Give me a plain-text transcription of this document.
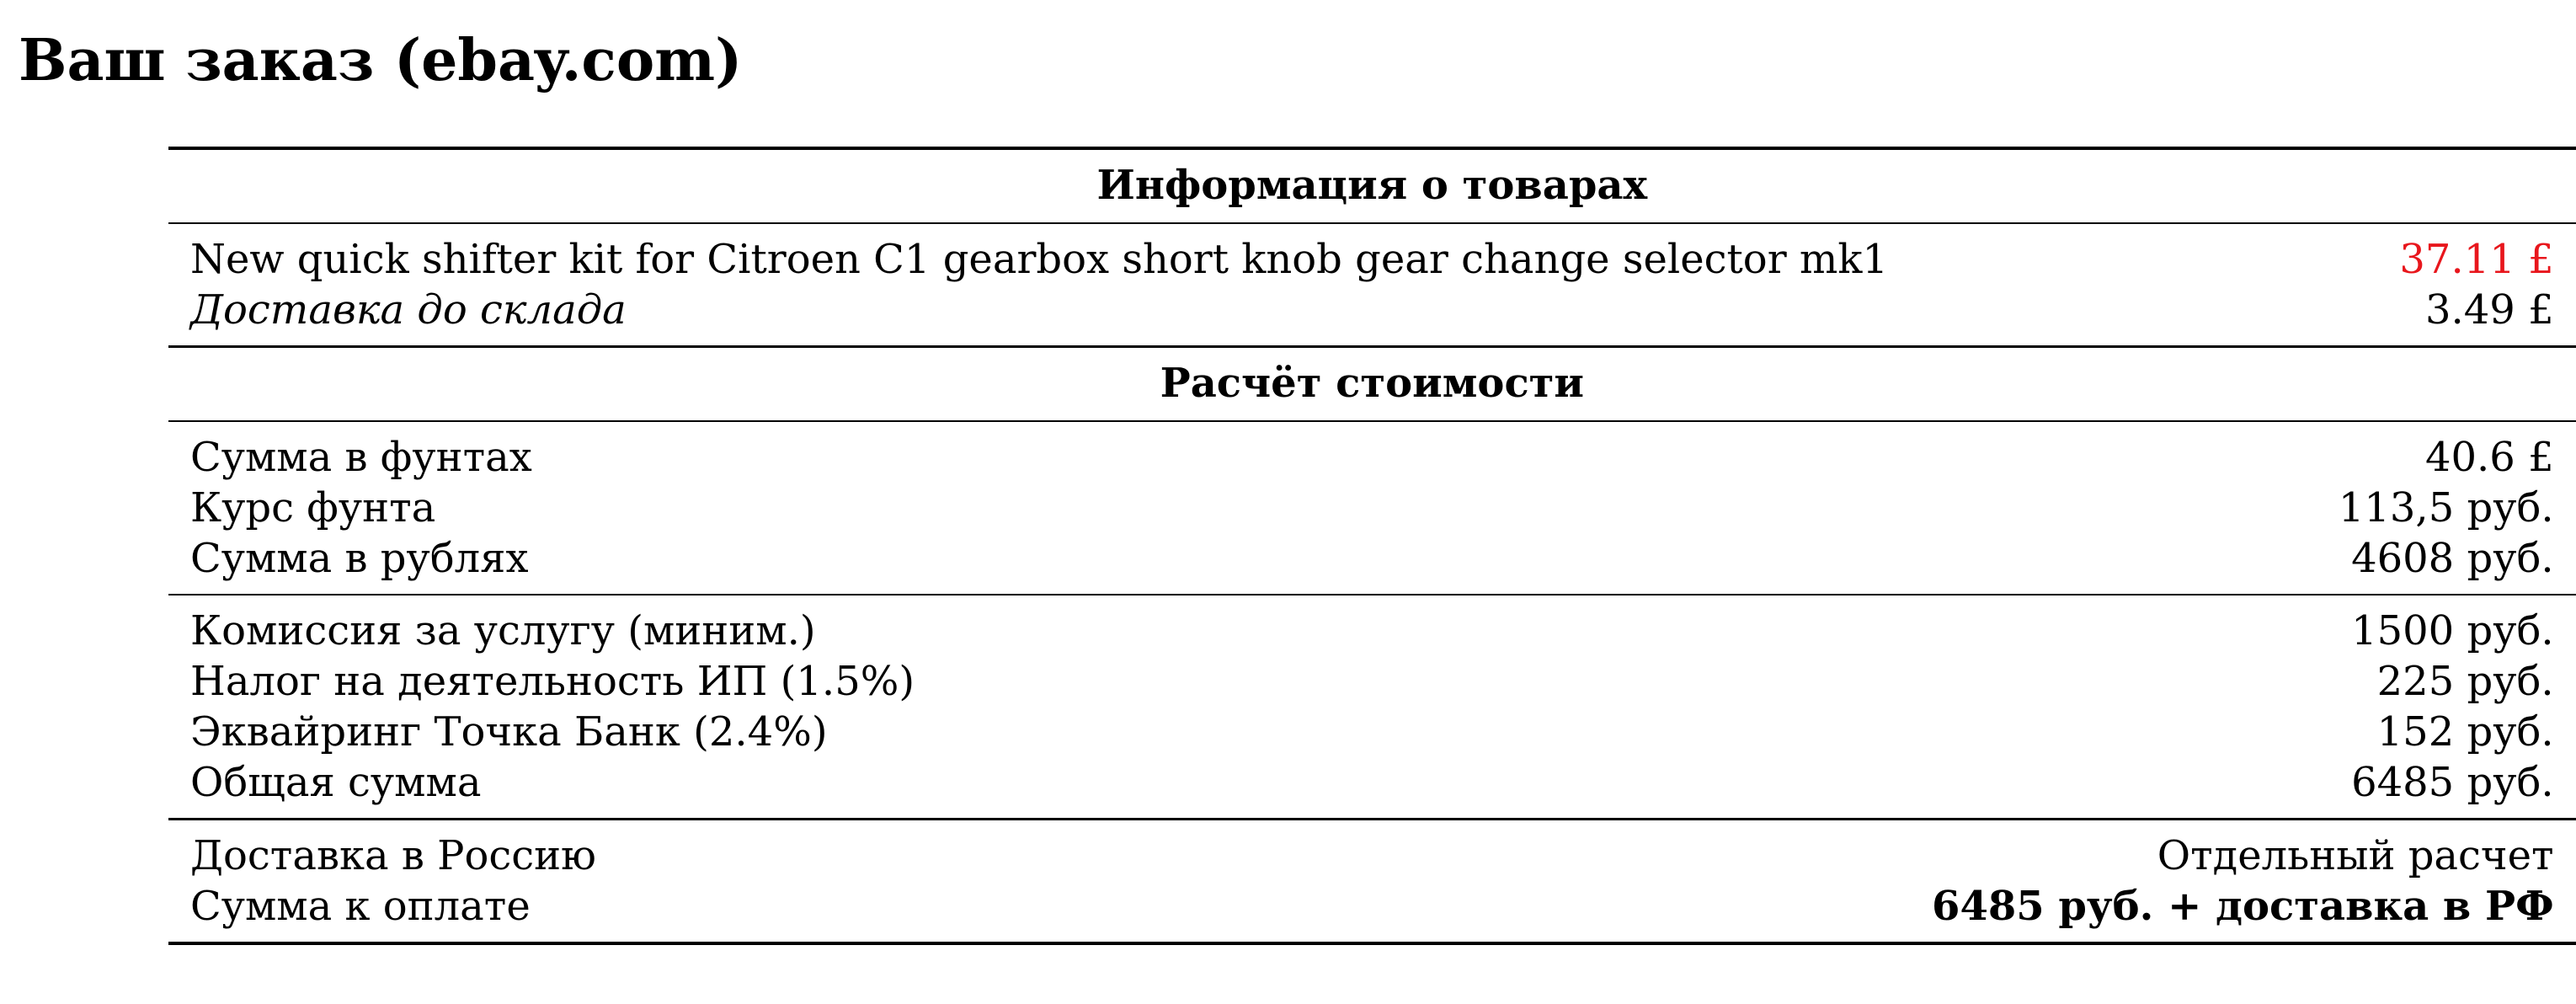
Ваш заказ (ebay.com)
Информация о товарах	
New quick shifter kit for Citroen C1 gearbox short knob gear change selector mk1	37.11 £
Доставка до склада	3.49 £
Расчёт стоимости	
Сумма в фунтах	40.6 £
Курс фунта	113,5 руб.
Сумма в рублях	4608 руб.
Комиссия за услугу (миним.)	1500 руб.
Налог на деятельность ИП (1.5%)	225 руб.
Эквайринг Точка Банк (2.4%)	152 руб.
Общая сумма	6485 руб.
Доставка в Россию	Отдельный расчет
Сумма к оплате	6485 руб. + доставка в РФ
